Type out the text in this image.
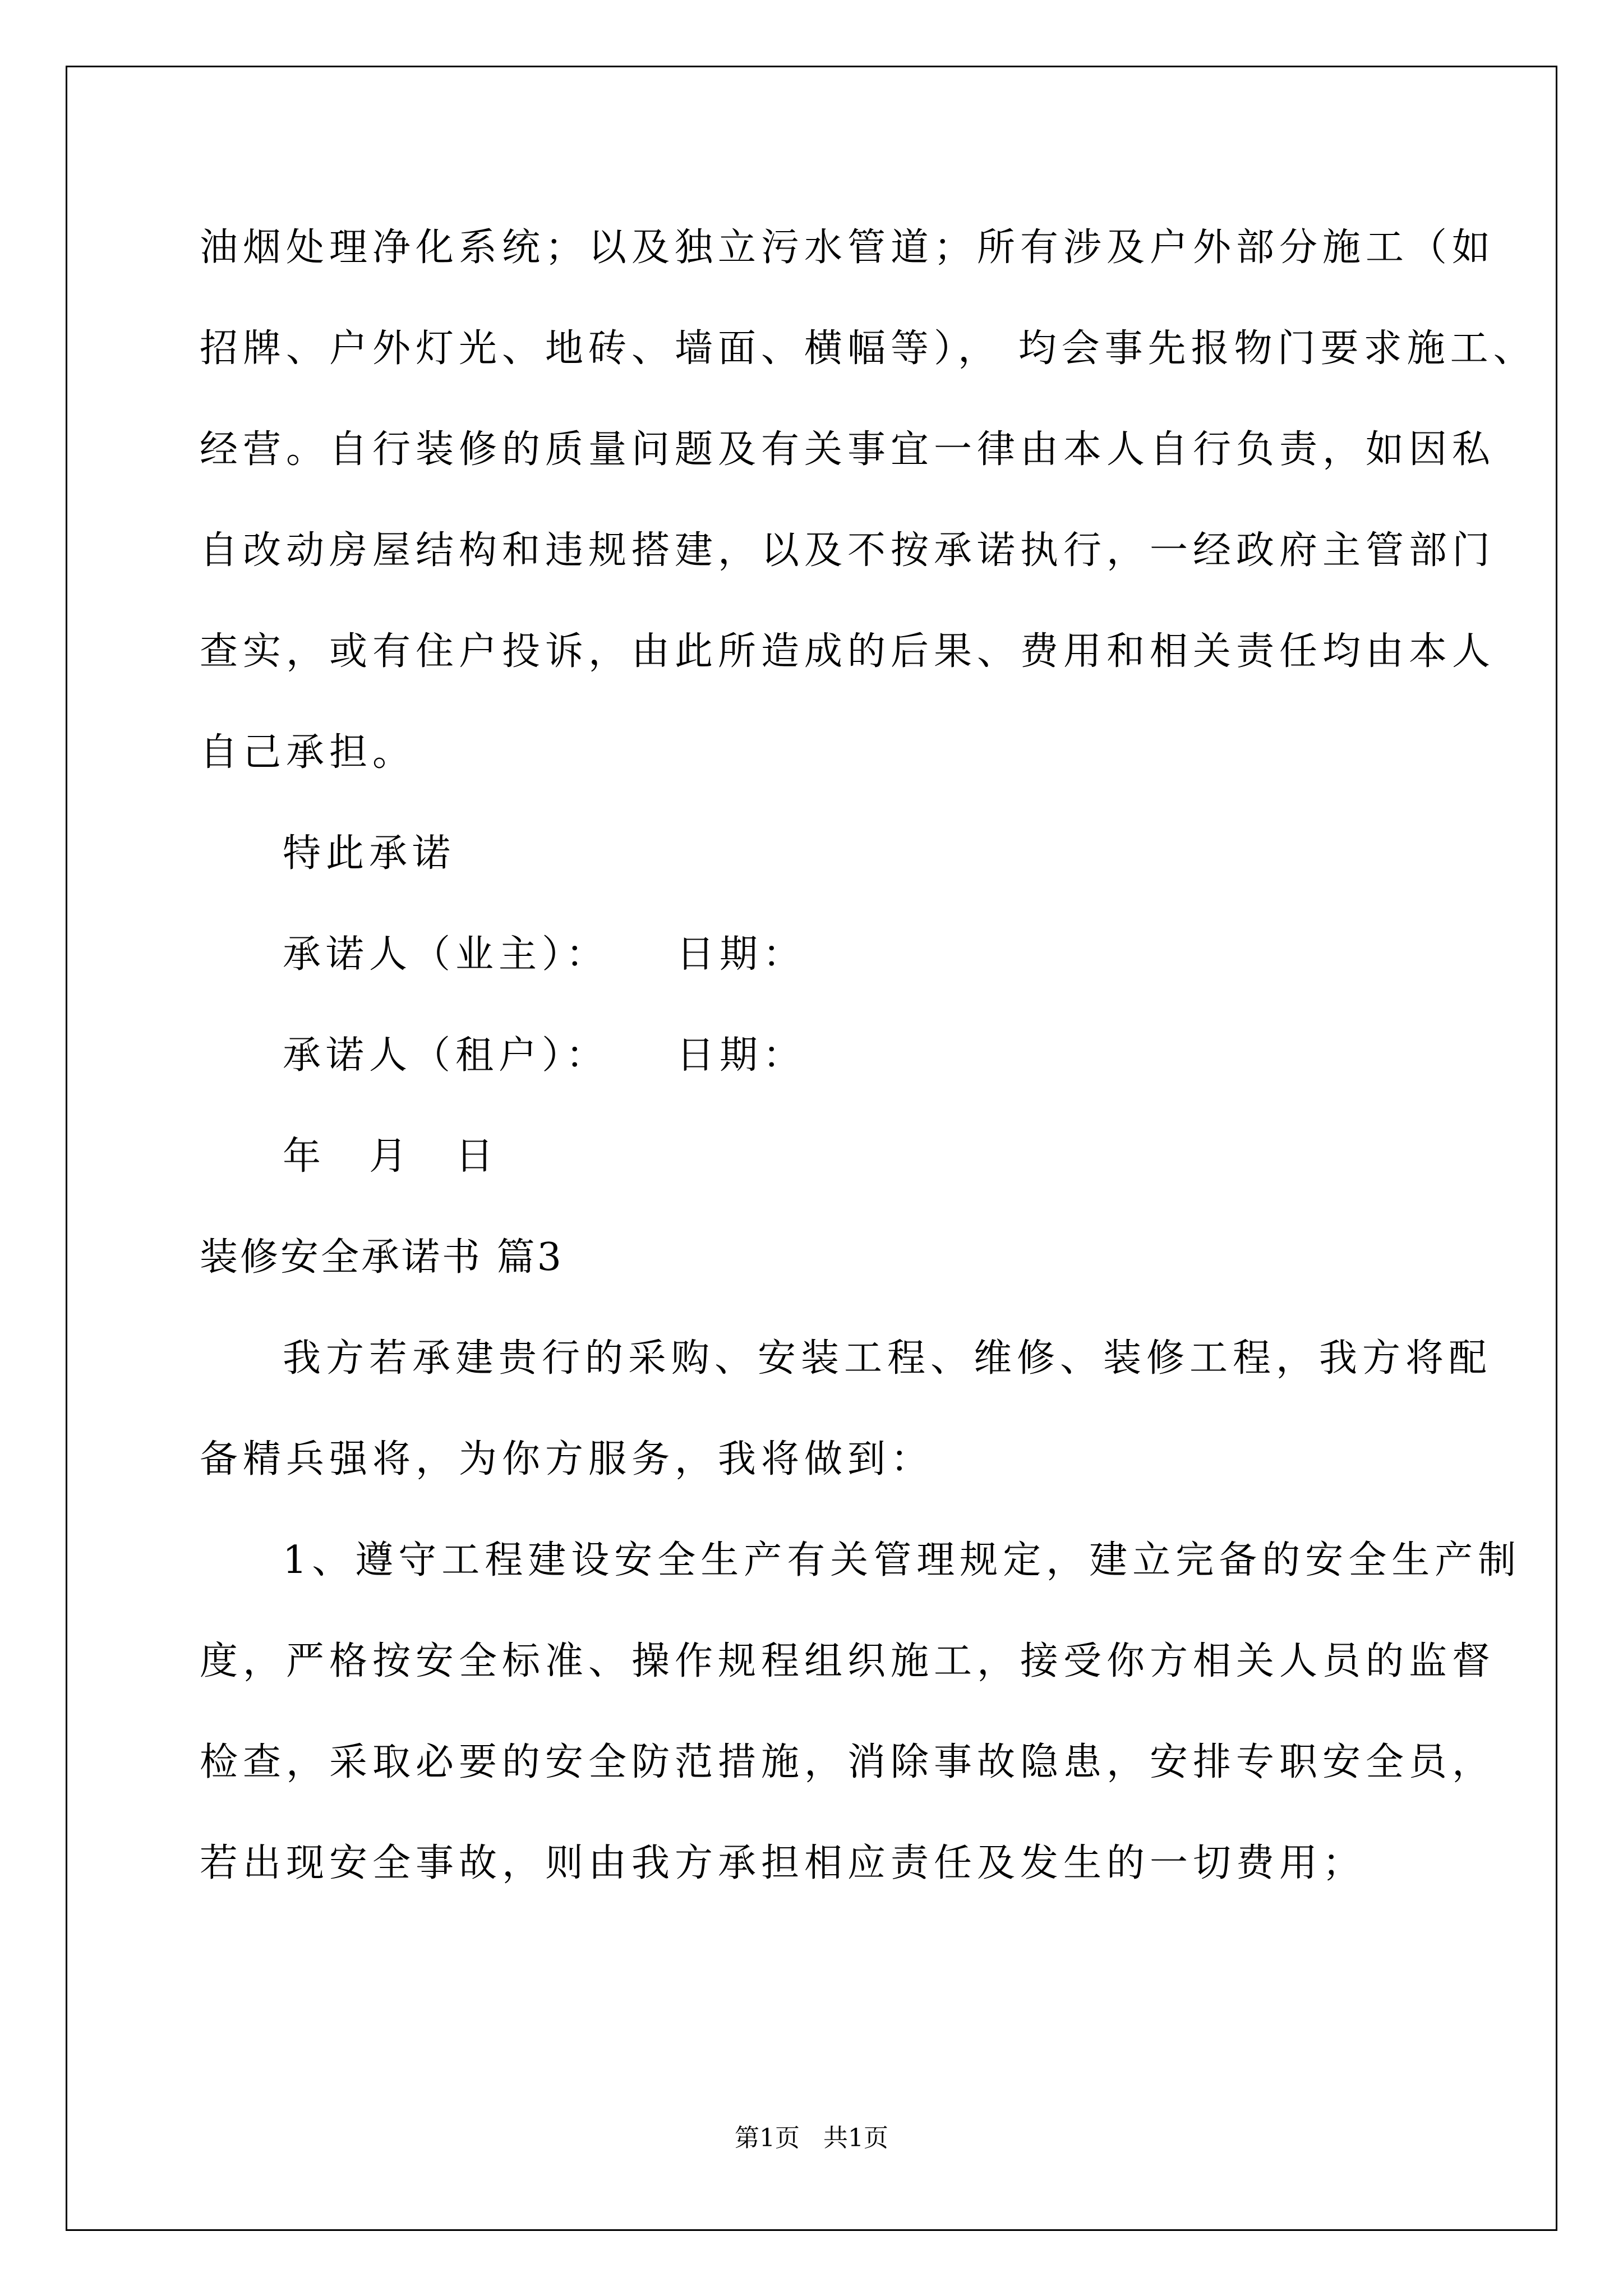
油烟处理净化系统；以及独立污水管道；所有涉及户外部分施工（如
招牌、户外灯光、地砖、墙面、横幅等）， 均会事先报物门要求施工、
经营。自行装修的质量问题及有关事宜一律由本人自行负责，如因私
自改动房屋结构和违规搭建，以及不按承诺执行，一经政府主管部门
查实，或有住户投诉，由此所造成的后果、费用和相关责任均由本人
自己承担。
特此承诺
承诺人（业主）：　　日期：
承诺人（租户）：　　日期：
年　月　日
装修安全承诺书 篇3
我方若承建贵行的采购、安装工程、维修、装修工程，我方将配
备精兵强将，为你方服务，我将做到：
1、遵守工程建设安全生产有关管理规定，建立完备的安全生产制
度，严格按安全标准、操作规程组织施工，接受你方相关人员的监督
检查，采取必要的安全防范措施，消除事故隐患，安排专职安全员，
若出现安全事故，则由我方承担相应责任及发生的一切费用；
第1页 共1页
